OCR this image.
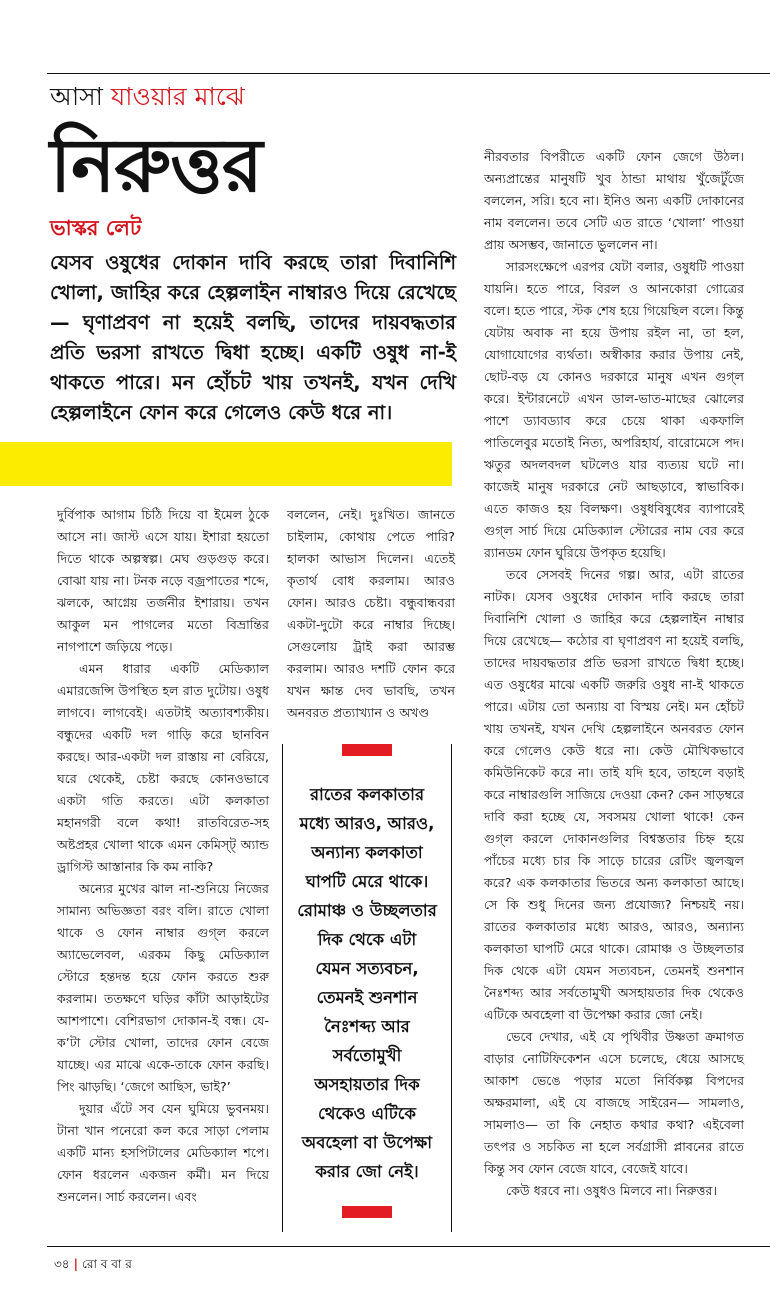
আসা যাওয়ার মাঝে
নিরুত্তর
ভাস্কর লেট
যেসব ওষুধের দোকান দাবি করছে তারা দিবানিশি খোলা, জাহির করে হেল্পলাইন নাম্বারও দিয়ে রেখেছে— ঘৃণাপ্রবণ না হয়েই বলছি, তাদের দায়বদ্ধতার প্রতি ভরসা রাখতে দ্বিধা হচ্ছে। একটি ওষুধ না-ই থাকতে পারে। মন হোঁচট খায় তখনই, যখন দেখি হেল্পলাইনে ফোন করে গেলেও কেউ ধরে না।

দুর্বিপাক আগাম চিঠি দিয়ে বা ইমেল ঠুকে আসে না। জাস্ট এসে যায়। ইশারা হয়তো দিতে থাকে অল্পস্বল্প। মেঘ গুড়গুড় করে। বোঝা যায় না। টনক নড়ে বজ্রপাতের শব্দে, ঝলকে, আগ্নেয় তর্জনীর ইশারায়। তখন আকুল মন পাগলের মতো বিভ্রান্তির নাগপাশে জড়িয়ে পড়ে।

এমন ধারার একটি মেডিক্যাল এমারজেন্সি উপস্থিত হল রাত দুটোয়। ওষুধ লাগবে। লাগবেই। এতটাই অত্যাবশ্যকীয়। বন্ধুদের একটি দল গাড়ি করে ছানবিন করছে। আর-একটা দল রাস্তায় না বেরিয়ে, ঘরে থেকেই, চেষ্টা করছে কোনওভাবে একটা গতি করতে। এটা কলকাতা মহানগরী বলে কথা! রাতবিরেত-সহ অষ্টপ্রহর খোলা থাকে এমন কেমিস্ট্‌ অ্যান্ড ড্রাগিস্ট আস্তানার কি কম নাকি?

অন্যের মুখের ঝাল না-শুনিয়ে নিজের সামান্য অভিজ্ঞতা বরং বলি। রাতে খোলা থাকে ও ফোন নাম্বার গুগ্‌ল করলে অ্যাভেলেবল, এরকম কিছু মেডিক্যাল স্টোরে হন্তদন্ত হয়ে ফোন করতে শুরু করলাম। ততক্ষণে ঘড়ির কাঁটা আড়াইটের আশপাশে। বেশিরভাগ দোকান-ই বন্ধ। যে-ক’টা স্টোর খোলা, তাদের ফোন বেজে যাচ্ছে। এর মাঝে একে-তাকে ফোন করছি। পিং ঝাড়ছি। ‘জেগে আছিস, ভাই?’

দুয়ার এঁটে সব যেন ঘুমিয়ে ভুবনময়। টানা খান পনেরো কল করে সাড়া পেলাম একটি মান্য হসপিটালের মেডিক্যাল শপে। ফোন ধরলেন একজন কর্মী। মন দিয়ে শুনলেন। সার্চ করলেন। এবং

বললেন, নেই। দুঃখিত। জানতে চাইলাম, কোথায় পেতে পারি? হালকা আভাস দিলেন। এতেই কৃতার্থ বোধ করলাম। আরও ফোন। আরও চেষ্টা। বন্ধুবান্ধবরা একটা-দুটো করে নাম্বার দিচ্ছে। সেগুলোয় ট্রাই করা আরম্ভ করলাম। আরও দশটি ফোন করে যখন ক্ষান্ত দেব ভাবছি, তখন অনবরত প্রত্যাখ্যান ও অখণ্ড

রাতের কলকাতার
মধ্যে আরও, আরও,
অন্যান্য কলকাতা
ঘাপটি মেরে থাকে।
রোমাঞ্চ ও উচ্ছলতার
দিক থেকে এটা
যেমন সত্যবচন,
তেমনই শুনশান
নৈঃশব্দ্য আর
সর্বতোমুখী
অসহায়তার দিক
থেকেও এটিকে
অবহেলা বা উপেক্ষা
করার জো নেই।

নীরবতার বিপরীতে একটি ফোন জেগে উঠল। অন্যপ্রান্তের মানুষটি খুব ঠান্ডা মাথায় খুঁজেটুঁজে বললেন, সরি। হবে না। ইনিও অন্য একটি দোকানের নাম বললেন। তবে সেটি এত রাতে ‘খোলা’ পাওয়া প্রায় অসম্ভব, জানাতে ভুললেন না।

সারসংক্ষেপে এরপর যেটা বলার, ওষুধটি পাওয়া যায়নি। হতে পারে, বিরল ও আনকোরা গোত্রের বলে। হতে পারে, স্টক শেষ হয়ে গিয়েছিল বলে। কিন্তু যেটায় অবাক না হয়ে উপায় রইল না, তা হল, যোগাযোগের ব্যর্থতা। অস্বীকার করার উপায় নেই, ছোট-বড় যে কোনও দরকারে মানুষ এখন গুগ্‌ল করে। ইন্টারনেটে এখন ডাল-ভাত-মাছের ঝোলের পাশে ড্যাবড্যাব করে চেয়ে থাকা একফালি পাতিলেবুর মতোই নিত্য, অপরিহার্য, বারোমেসে পদ। ঋতুর অদলবদল ঘটলেও যার ব্যত্যয় ঘটে না। কাজেই মানুষ দরকারে নেট আছড়াবে, স্বাভাবিক। এতে কাজও হয় বিলক্ষণ। ওষুধবিষুধের ব্যাপারেই গুগ্‌ল সার্চ দিয়ে মেডিক্যাল স্টোরের নাম বের করে র‍্যানডম ফোন ঘুরিয়ে উপকৃত হয়েছি।

তবে সেসবই দিনের গল্প। আর, এটা রাতের নাটক। যেসব ওষুধের দোকান দাবি করছে তারা দিবানিশি খোলা ও জাহির করে হেল্পলাইন নাম্বার দিয়ে রেখেছে— কঠোর বা ঘৃণাপ্রবণ না হয়েই বলছি, তাদের দায়বদ্ধতার প্রতি ভরসা রাখতে দ্বিধা হচ্ছে। এত ওষুধের মাঝে একটি জরুরি ওষুধ না-ই থাকতে পারে। এটায় তো অন্যায় বা বিস্ময় নেই। মন হোঁচট খায় তখনই, যখন দেখি হেল্পলাইনে অনবরত ফোন করে গেলেও কেউ ধরে না। কেউ মৌখিকভাবে কমিউনিকেট করে না। তাই যদি হবে, তাহলে বড়াই করে নাম্বারগুলি সাজিয়ে দেওয়া কেন? কেন সাড়ম্বরে দাবি করা হচ্ছে যে, সবসময় খোলা থাকে! কেন গুগ্‌ল করলে দোকানগুলির বিশ্বস্ততার চিহ্ন হয়ে পাঁচের মধ্যে চার কি সাড়ে চারের রেটিং জ্বলজ্বল করে? এক কলকাতার ভিতরে অন্য কলকাতা আছে। সে কি শুধু দিনের জন্য প্রযোজ্য? নিশ্চয়ই নয়। রাতের কলকাতার মধ্যে আরও, আরও, অন্যান্য কলকাতা ঘাপটি মেরে থাকে। রোমাঞ্চ ও উচ্ছলতার দিক থেকে এটা যেমন সত্যবচন, তেমনই শুনশান নৈঃশব্দ্য আর সর্বতোমুখী অসহায়তার দিক থেকেও এটিকে অবহেলা বা উপেক্ষা করার জো নেই।

ভেবে দেখার, এই যে পৃথিবীর উষ্ণতা ক্রমাগত বাড়ার নোটিফিকেশন এসে চলেছে, ধেয়ে আসছে আকাশ ভেঙে পড়ার মতো নির্বিকল্প বিপদের অক্ষরমালা, এই যে বাজছে সাইরেন— সামলাও, সামলাও— তা কি নেহাত কথার কথা? এইবেলা তৎপর ও সচকিত না হলে সর্বগ্রাসী প্লাবনের রাতে কিন্তু সব ফোন বেজে যাবে, বেজেই যাবে।

কেউ ধরবে না। ওষুধও মিলবে না। নিরুত্তর।

৩৪ | রো ব বা র
